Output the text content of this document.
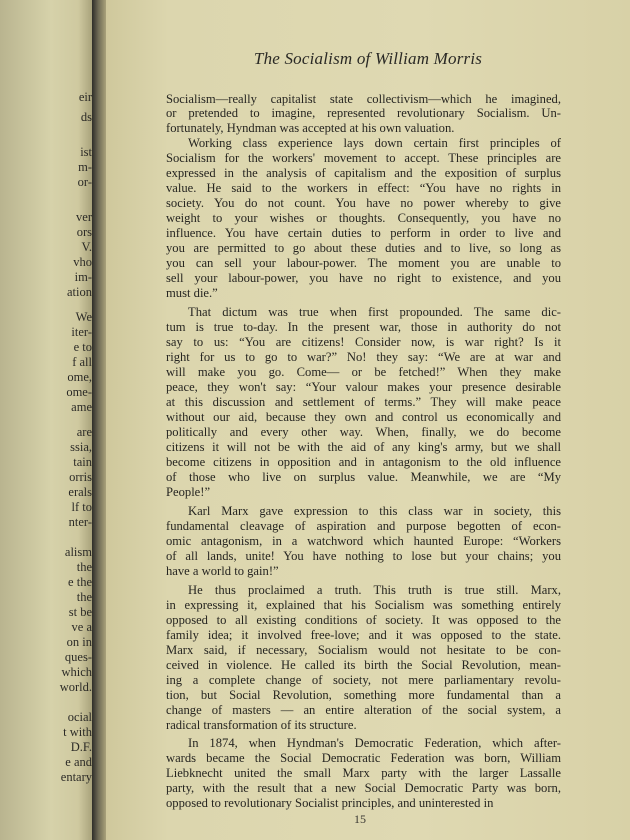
eir
ds
ist
m-
or-
ver
ors
V.
vho
im-
ation
We
iter-
e to
f all
ome,
ome-
ame
are
ssia,
tain
orris
erals
lf to
nter-
alism
the
e the
the
st be
ve a
on in
ques-
which
world.
ocial
t with
D.F.
e and
entary
The Socialism of William Morris
Socialism—really capitalist state collectivism—which he imagined,
or pretended to imagine, represented revolutionary Socialism. Un-
fortunately, Hyndman was accepted at his own valuation.
Working class experience lays down certain first principles of
Socialism for the workers' movement to accept. These principles are
expressed in the analysis of capitalism and the exposition of surplus
value. He said to the workers in effect: “You have no rights in
society. You do not count. You have no power whereby to give
weight to your wishes or thoughts. Consequently, you have no
influence. You have certain duties to perform in order to live and
you are permitted to go about these duties and to live, so long as
you can sell your labour-power. The moment you are unable to
sell your labour-power, you have no right to existence, and you
must die.”
That dictum was true when first propounded. The same dic-
tum is true to-day. In the present war, those in authority do not
say to us: “You are citizens! Consider now, is war right? Is it
right for us to go to war?” No! they say: “We are at war and
will make you go. Come— or be fetched!” When they make
peace, they won't say: “Your valour makes your presence desirable
at this discussion and settlement of terms.” They will make peace
without our aid, because they own and control us economically and
politically and every other way. When, finally, we do become
citizens it will not be with the aid of any king's army, but we shall
become citizens in opposition and in antagonism to the old influence
of those who live on surplus value. Meanwhile, we are “My
People!”
Karl Marx gave expression to this class war in society, this
fundamental cleavage of aspiration and purpose begotten of econ-
omic antagonism, in a watchword which haunted Europe: “Workers
of all lands, unite! You have nothing to lose but your chains; you
have a world to gain!”
He thus proclaimed a truth. This truth is true still. Marx,
in expressing it, explained that his Socialism was something entirely
opposed to all existing conditions of society. It was opposed to the
family idea; it involved free-love; and it was opposed to the state.
Marx said, if necessary, Socialism would not hesitate to be con-
ceived in violence. He called its birth the Social Revolution, mean-
ing a complete change of society, not mere parliamentary revolu-
tion, but Social Revolution, something more fundamental than a
change of masters — an entire alteration of the social system, a
radical transformation of its structure.
In 1874, when Hyndman's Democratic Federation, which after-
wards became the Social Democratic Federation was born, William
Liebknecht united the small Marx party with the larger Lassalle
party, with the result that a new Social Democratic Party was born,
opposed to revolutionary Socialist principles, and uninterested in
15
